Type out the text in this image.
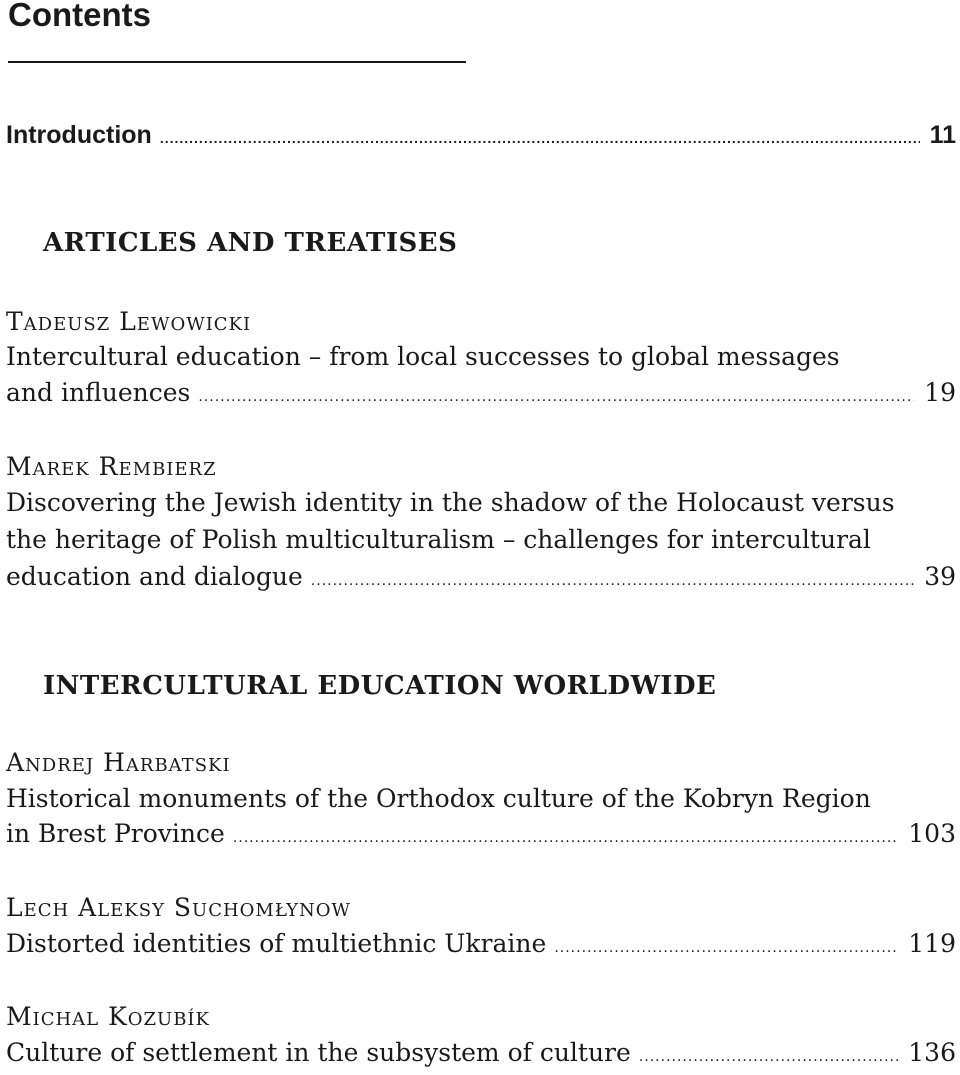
Contents
Introduction .....	11
ARTICLES AND TREATISES
Tadeusz Lewowicki
Intercultural education – from local successes to global messages
and influences .....	19
Marek Rembierz
Discovering the Jewish identity in the shadow of the Holocaust versus
the heritage of Polish multiculturalism – challenges for intercultural
education and dialogue .....	39
INTERCULTURAL EDUCATION WORLDWIDE
Andrej Harbatski
Historical monuments of the Orthodox culture of the Kobryn Region
in Brest Province .....	103
Lech Aleksy Suchomłynow
Distorted identities of multiethnic Ukraine .....	119
Michal Kozubík
Culture of settlement in the subsystem of culture .....	136
